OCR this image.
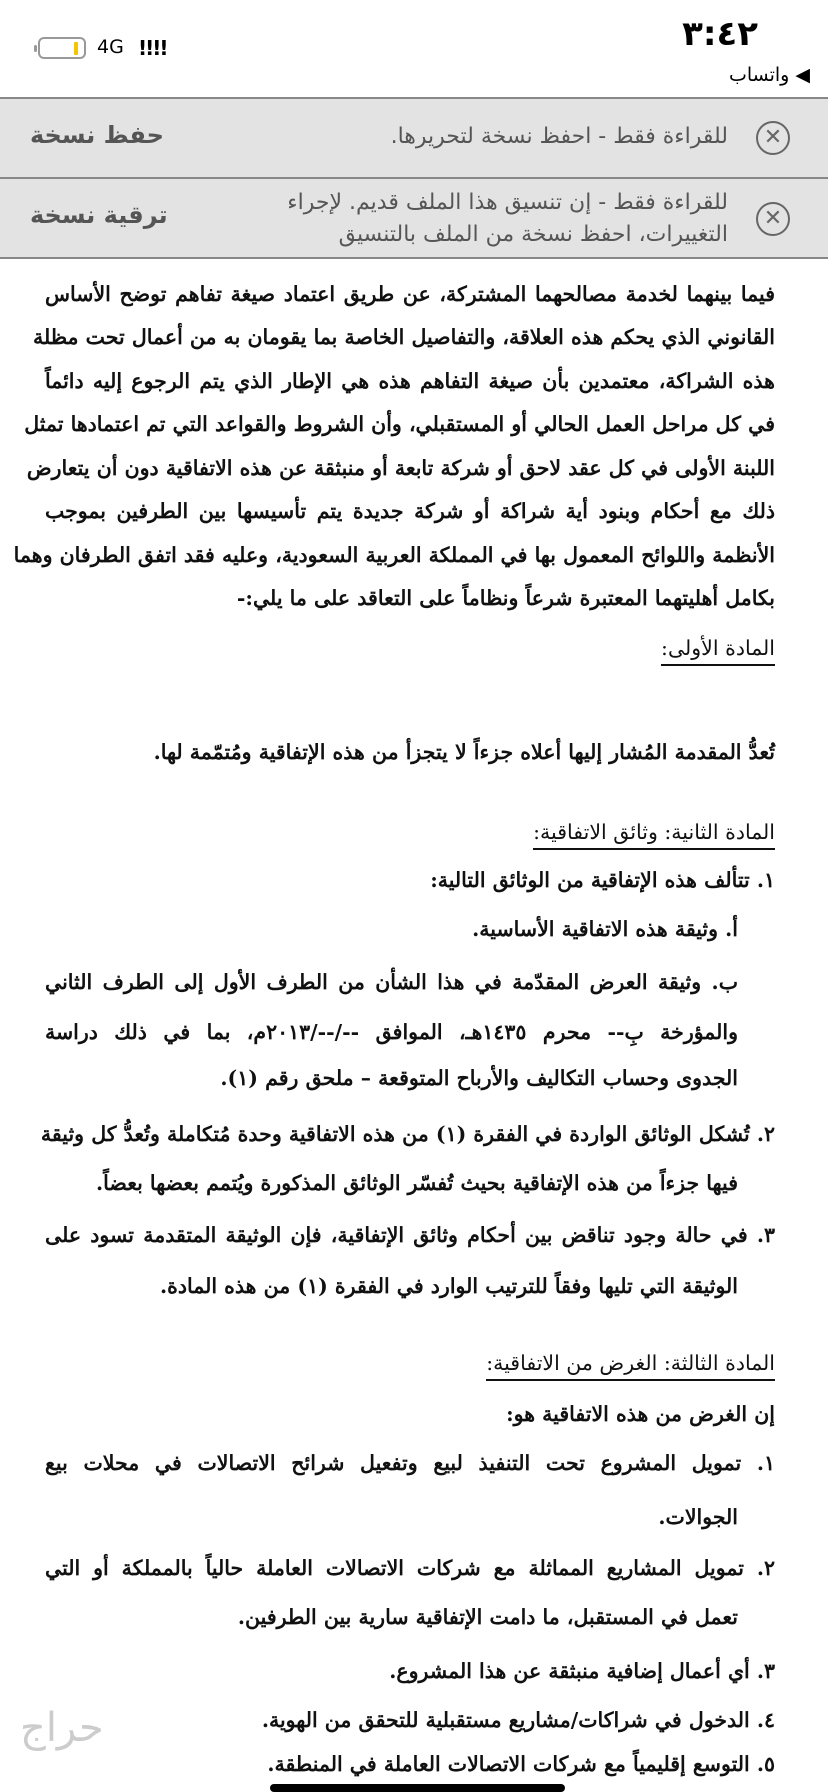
4G !!!!	٣:٤٢
◀ واتساب
✕
للقراءة فقط - احفظ نسخة لتحريرها.
حفظ نسخة
✕
للقراءة فقط - إن تنسيق هذا الملف قديم. لإجراء
التغييرات، احفظ نسخة من الملف بالتنسيق
ترقية نسخة
فيما بينهما لخدمة مصالحهما المشتركة، عن طريق اعتماد صيغة تفاهم توضح الأساس
القانوني الذي يحكم هذه العلاقة، والتفاصيل الخاصة بما يقومان به من أعمال تحت مظلة
هذه الشراكة، معتمدين بأن صيغة التفاهم هذه هي الإطار الذي يتم الرجوع إليه دائماً
في كل مراحل العمل الحالي أو المستقبلي، وأن الشروط والقواعد التي تم اعتمادها تمثل
اللبنة الأولى في كل عقد لاحق أو شركة تابعة أو منبثقة عن هذه الاتفاقية دون أن يتعارض
ذلك مع أحكام وبنود أية شراكة أو شركة جديدة يتم تأسيسها بين الطرفين بموجب
الأنظمة واللوائح المعمول بها في المملكة العربية السعودية، وعليه فقد اتفق الطرفان وهما
بكامل أهليتهما المعتبرة شرعاً ونظاماً على التعاقد على ما يلي:-
المادة الأولى:
تُعدُّ المقدمة المُشار إليها أعلاه جزءاً لا يتجزأ من هذه الإتفاقية ومُتمّمة لها.
المادة الثانية: وثائق الاتفاقية:
١. تتألف هذه الإتفاقية من الوثائق التالية:
أ. وثيقة هذه الاتفاقية الأساسية.
ب. وثيقة العرض المقدّمة في هذا الشأن من الطرف الأول إلى الطرف الثاني
والمؤرخة بِ-- محرم ١٤٣٥هـ، الموافق --/--/٢٠١٣م، بما في ذلك دراسة
الجدوى وحساب التكاليف والأرباح المتوقعة – ملحق رقم (١).
٢. تُشكل الوثائق الواردة في الفقرة (١) من هذه الاتفاقية وحدة مُتكاملة وتُعدُّ كل وثيقة
فيها جزءاً من هذه الإتفاقية بحيث تُفسّر الوثائق المذكورة ويُتمم بعضها بعضاً.
٣. في حالة وجود تناقض بين أحكام وثائق الإتفاقية، فإن الوثيقة المتقدمة تسود على
الوثيقة التي تليها وفقاً للترتيب الوارد في الفقرة (١) من هذه المادة.
المادة الثالثة: الغرض من الاتفاقية:
إن الغرض من هذه الاتفاقية هو:
١. تمويل المشروع تحت التنفيذ لبيع وتفعيل شرائح الاتصالات في محلات بيع
الجوالات.
٢. تمويل المشاريع المماثلة مع شركات الاتصالات العاملة حالياً بالمملكة أو التي
تعمل في المستقبل، ما دامت الإتفاقية سارية بين الطرفين.
٣. أي أعمال إضافية منبثقة عن هذا المشروع.
٤. الدخول في شراكات/مشاريع مستقبلية للتحقق من الهوية.
٥. التوسع إقليمياً مع شركات الاتصالات العاملة في المنطقة.
حراج
